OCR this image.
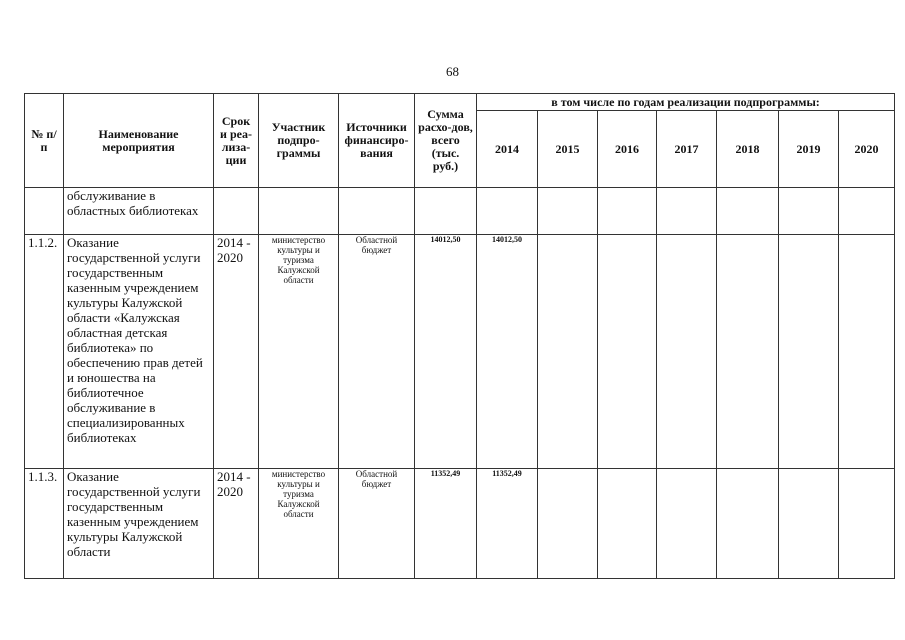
68
№ п/п	Наименование мероприятия	Срок и реа-лиза-ции	Участник подпро-граммы	Источники финансиро-вания	Сумма расхо-дов, всего (тыс. руб.)	в том числе по годам реализации подпрограммы:						
						2014	2015	2016	2017	2018	2019	2020
	обслуживание в областных библиотеках											
1.1.2.	Оказание государственной услуги государственным казенным учреждением культуры Калужской области «Калужская областная детская библиотека» по обеспечению прав детей и юношества на библиотечное обслуживание в специализированных библиотеках	2014 - 2020	министерство культуры и туризма Калужской области	Областной бюджет	14012,50	14012,50						
1.1.3.	Оказание государственной услуги государственным казенным учреждением культуры Калужской области	2014 - 2020	министерство культуры и туризма Калужской области	Областной бюджет	11352,49	11352,49						
